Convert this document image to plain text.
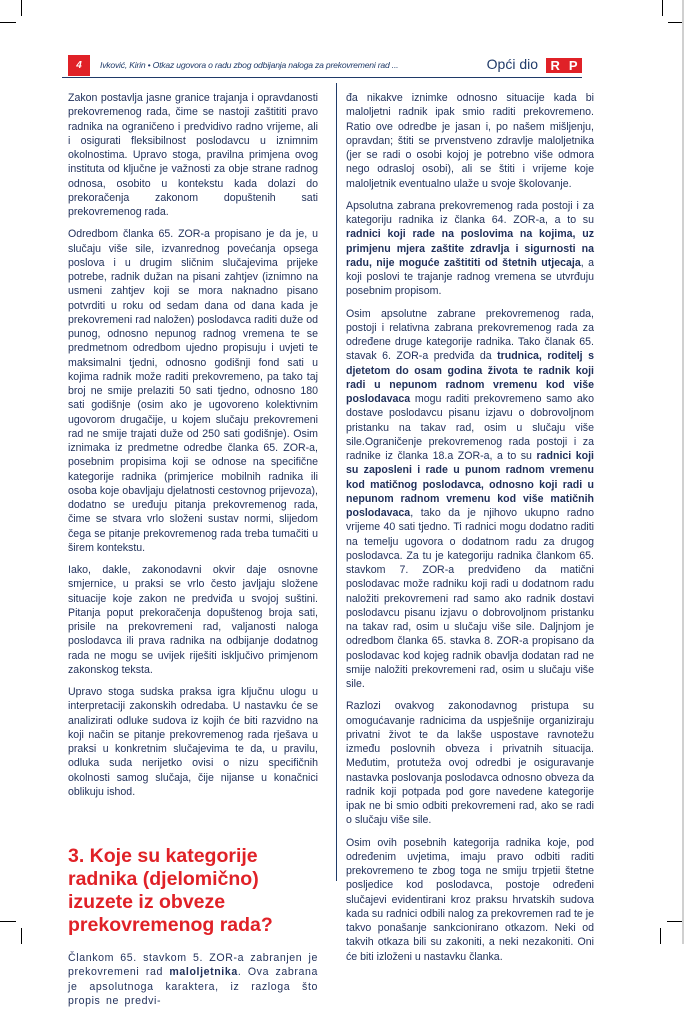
4	Ivković, Kirin • Otkaz ugovora o radu zbog odbijanja naloga za prekovremeni rad ...	Opći dio R P

Zakon postavlja jasne granice trajanja i opravdanosti prekovremenog rada, čime se nastoji zaštititi pravo radnika na ograničeno i predvidivo radno vrijeme, ali i osigurati fleksibilnost poslodavcu u iznimnim okolnostima. Upravo stoga, pravilna primjena ovog instituta od ključne je važnosti za obje strane radnog odnosa, osobito u kontekstu kada dolazi do prekoračenja zakonom dopuštenih sati prekovremenog rada.

Odredbom članka 65. ZOR-a propisano je da je, u slučaju više sile, izvanrednog povećanja opsega poslova i u drugim sličnim slučajevima prijeke potrebe, radnik dužan na pisani zahtjev (iznimno na usmeni zahtjev koji se mora naknadno pisano potvrditi u roku od sedam dana od dana kada je prekovremeni rad naložen) poslodavca raditi duže od punog, odnosno nepunog radnog vremena te se predmetnom odredbom ujedno propisuju i uvjeti te maksimalni tjedni, odnosno godišnji fond sati u kojima radnik može raditi prekovremeno, pa tako taj broj ne smije prelaziti 50 sati tjedno, odnosno 180 sati godišnje (osim ako je ugovoreno kolektivnim ugovorom drugačije, u kojem slučaju prekovremeni rad ne smije trajati duže od 250 sati godišnje). Osim iznimaka iz predmetne odredbe članka 65. ZOR-a, posebnim propisima koji se odnose na specifične kategorije radnika (primjerice mobilnih radnika ili osoba koje obavljaju djelatnosti cestovnog prijevoza), dodatno se uređuju pitanja prekovremenog rada, čime se stvara vrlo složeni sustav normi, slijedom čega se pitanje prekovremenog rada treba tumačiti u širem kontekstu.

Iako, dakle, zakonodavni okvir daje osnovne smjernice, u praksi se vrlo često javljaju složene situacije koje zakon ne predviđa u svojoj suštini. Pitanja poput prekoračenja dopuštenog broja sati, prisile na prekovremeni rad, valjanosti naloga poslodavca ili prava radnika na odbijanje dodatnog rada ne mogu se uvijek riješiti isključivo primjenom zakonskog teksta.

Upravo stoga sudska praksa igra ključnu ulogu u interpretaciji zakonskih odredaba. U nastavku će se analizirati odluke sudova iz kojih će biti razvidno na koji način se pitanje prekovremenog rada rješava u praksi u konkretnim slučajevima te da, u pravilu, odluka suda nerijetko ovisi o nizu specifičnih okolnosti samog slučaja, čije nijanse u konačnici oblikuju ishod.

3. Koje su kategorije radnika (djelomično) izuzete iz obveze prekovremenog rada?

Člankom 65. stavkom 5. ZOR-a zabranjen je prekovremeni rad maloljetnika. Ova zabrana je apsolutnoga karaktera, iz razloga što propis ne predvi-

đa nikakve iznimke odnosno situacije kada bi maloljetni radnik ipak smio raditi prekovremeno. Ratio ove odredbe je jasan i, po našem mišljenju, opravdan; štiti se prvenstveno zdravlje maloljetnika (jer se radi o osobi kojoj je potrebno više odmora nego odrasloj osobi), ali se štiti i vrijeme koje maloljetnik eventualno ulaže u svoje školovanje.

Apsolutna zabrana prekovremenog rada postoji i za kategoriju radnika iz članka 64. ZOR-a, a to su radnici koji rade na poslovima na kojima, uz primjenu mjera zaštite zdravlja i sigurnosti na radu, nije moguće zaštititi od štetnih utjecaja, a koji poslovi te trajanje radnog vremena se utvrđuju posebnim propisom.

Osim apsolutne zabrane prekovremenog rada, postoji i relativna zabrana prekovremenog rada za određene druge kategorije radnika. Tako članak 65. stavak 6. ZOR-a predviđa da trudnica, roditelj s djetetom do osam godina života te radnik koji radi u nepunom radnom vremenu kod više poslodavaca mogu raditi prekovremeno samo ako dostave poslodavcu pisanu izjavu o dobrovoljnom pristanku na takav rad, osim u slučaju više sile.Ograničenje prekovremenog rada postoji i za radnike iz članka 18.a ZOR-a, a to su radnici koji su zaposleni i rade u punom radnom vremenu kod matičnog poslodavca, odnosno koji radi u nepunom radnom vremenu kod više matičnih poslodavaca, tako da je njihovo ukupno radno vrijeme 40 sati tjedno. Ti radnici mogu dodatno raditi na temelju ugovora o dodatnom radu za drugog poslodavca. Za tu je kategoriju radnika člankom 65. stavkom 7. ZOR-a predviđeno da matični poslodavac može radniku koji radi u dodatnom radu naložiti prekovremeni rad samo ako radnik dostavi poslodavcu pisanu izjavu o dobrovoljnom pristanku na takav rad, osim u slučaju više sile. Daljnjom je odredbom članka 65. stavka 8. ZOR-a propisano da poslodavac kod kojeg radnik obavlja dodatan rad ne smije naložiti prekovremeni rad, osim u slučaju više sile.

Razlozi ovakvog zakonodavnog pristupa su omogućavanje radnicima da uspješnije organiziraju privatni život te da lakše uspostave ravnotežu između poslovnih obveza i privatnih situacija. Međutim, protuteža ovoj odredbi je osiguravanje nastavka poslovanja poslodavca odnosno obveza da radnik koji potpada pod gore navedene kategorije ipak ne bi smio odbiti prekovremeni rad, ako se radi o slučaju više sile.

Osim ovih posebnih kategorija radnika koje, pod određenim uvjetima, imaju pravo odbiti raditi prekovremeno te zbog toga ne smiju trpjetii štetne posljedice kod poslodavca, postoje određeni slučajevi evidentirani kroz praksu hrvatskih sudova kada su radnici odbili nalog za prekovremen rad te je takvo ponašanje sankcionirano otkazom. Neki od takvih otkaza bili su zakoniti, a neki nezakoniti. Oni će biti izloženi u nastavku članka.
